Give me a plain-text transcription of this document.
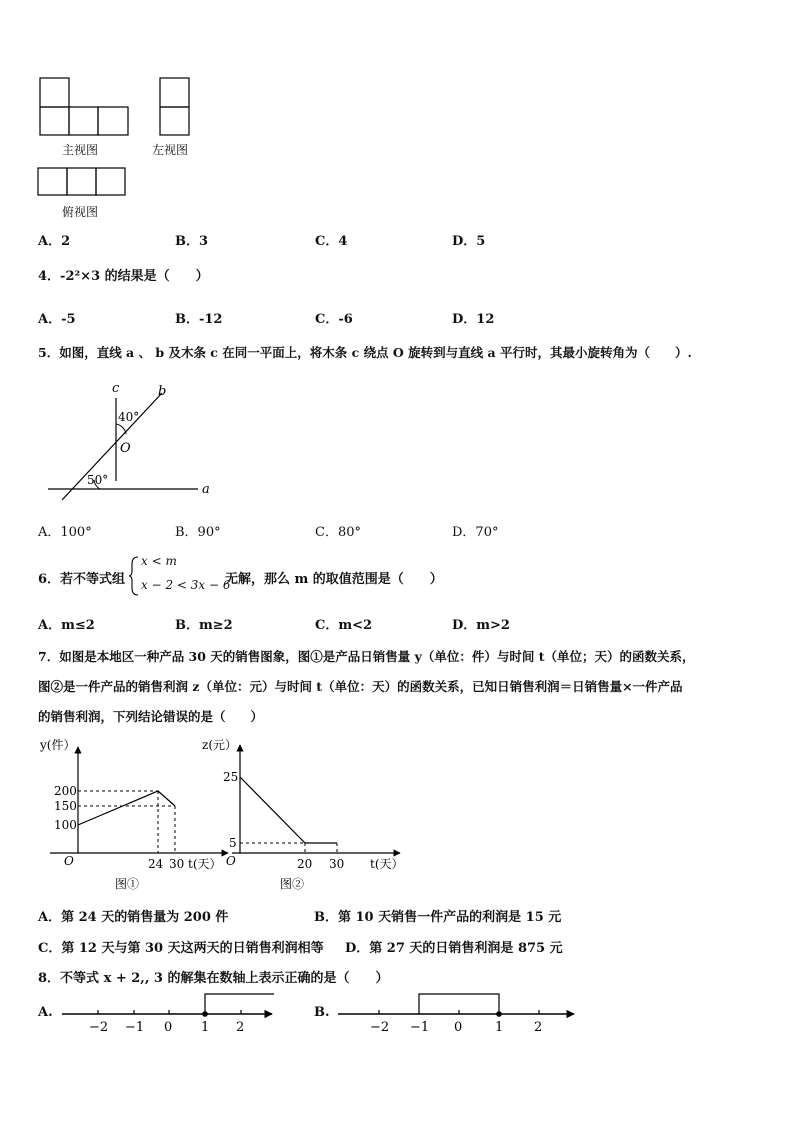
主视图	左视图
俯视图
A．2	B．3	C．4	D．5
4．-2²×3 的结果是（　　）
A．-5	B．-12	C．-6	D．12
5．如图，直线 a 、 b 及木条 c 在同一平面上，将木条 c 绕点 O 旋转到与直线 a 平行时，其最小旋转角为（　　）.
c	b
a
O
40°
50°
A．100°	B．90°	C．80°	D．70°
6．若不等式组
x < m
x − 2 < 3x − 6
无解，那么 m 的取值范围是（　　）
A．m≤2	B．m≥2	C．m<2	D．m>2
7．如图是本地区一种产品 30 天的销售图象，图①是产品日销售量 y（单位：件）与时间 t（单位；天）的函数关系，
图②是一件产品的销售利润 z（单位：元）与时间 t（单位：天）的函数关系，已知日销售利润＝日销售量×一件产品
的销售利润，下列结论错误的是（　　）
y(件）
200
150
100
O	24 30 t(天）
图①
z(元）
25
5
O	20 30 t(天）
图②
A．第 24 天的销售量为 200 件	B．第 10 天销售一件产品的利润是 15 元
C．第 12 天与第 30 天这两天的日销售利润相等 D．第 27 天的日销售利润是 875 元
8．不等式 x + 2,, 3 的解集在数轴上表示正确的是（　　）
A.
−2 −1 0 1 2
B.
−2 −1 0	1 2
